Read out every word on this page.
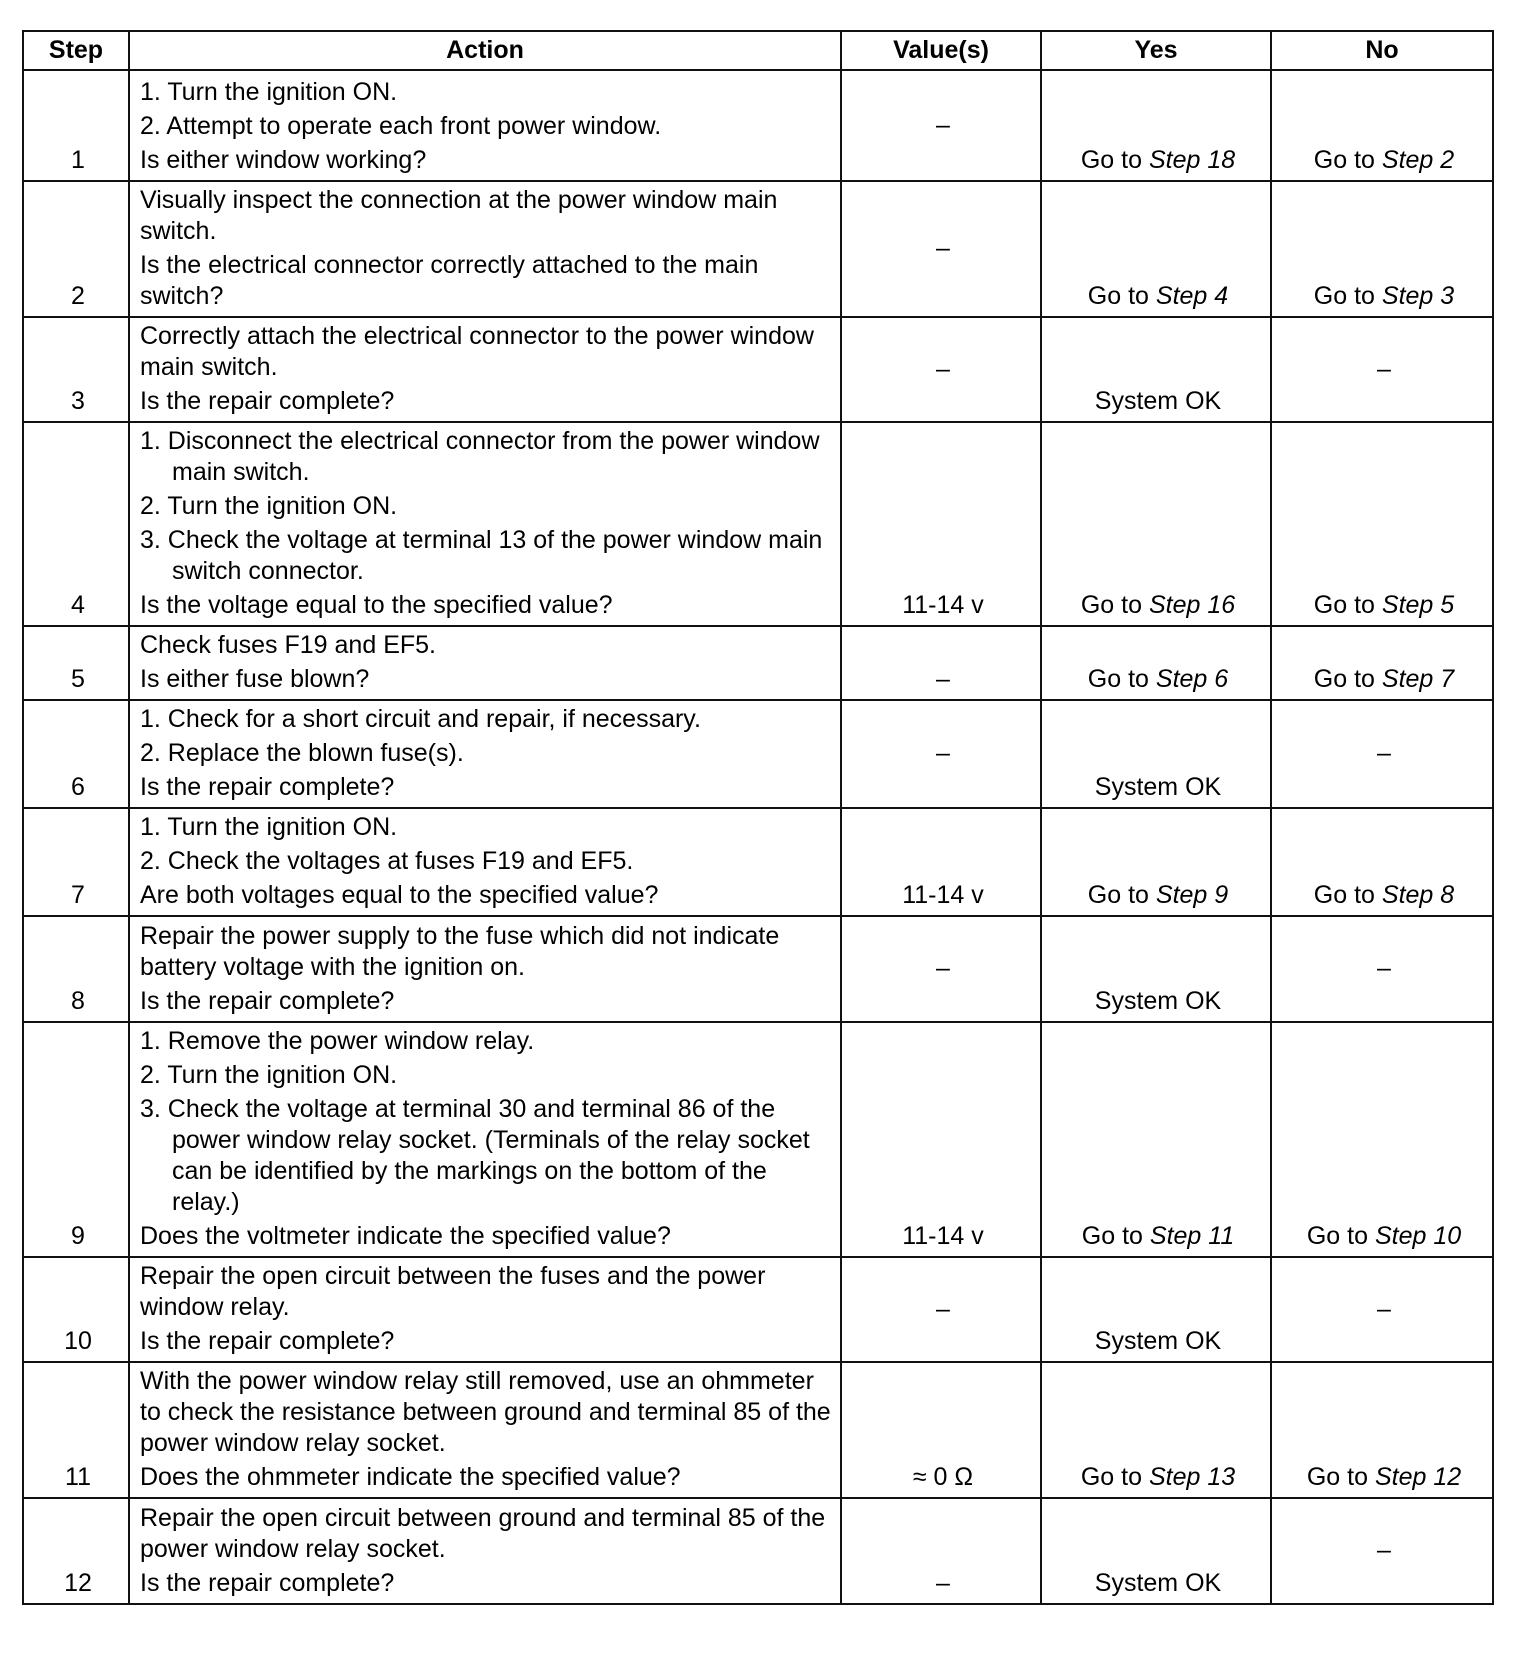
Step	Action	Value(s)	Yes	No
1	1. Turn the ignition ON.
2. Attempt to operate each front power window.
Is either window working?	–	Go to Step 18	Go to Step 2
2	Visually inspect the connection at the power window main switch.
Is the electrical connector correctly attached to the main switch?	–	Go to Step 4	Go to Step 3
3	Correctly attach the electrical connector to the power window main switch.
Is the repair complete?	–	System OK	–
4	1. Disconnect the electrical connector from the power window main switch.
2. Turn the ignition ON.
3. Check the voltage at terminal 13 of the power window main switch connector.
Is the voltage equal to the specified value?	11-14 v	Go to Step 16	Go to Step 5
5	Check fuses F19 and EF5.
Is either fuse blown?	–	Go to Step 6	Go to Step 7
6	1. Check for a short circuit and repair, if necessary.
2. Replace the blown fuse(s).
Is the repair complete?	–	System OK	–
7	1. Turn the ignition ON.
2. Check the voltages at fuses F19 and EF5.
Are both voltages equal to the specified value?	11-14 v	Go to Step 9	Go to Step 8
8	Repair the power supply to the fuse which did not indicate battery voltage with the ignition on.
Is the repair complete?	–	System OK	–
9	1. Remove the power window relay.
2. Turn the ignition ON.
3. Check the voltage at terminal 30 and terminal 86 of the power window relay socket. (Terminals of the relay socket can be identified by the markings on the bottom of the relay.)
Does the voltmeter indicate the specified value?	11-14 v	Go to Step 11	Go to Step 10
10	Repair the open circuit between the fuses and the power window relay.
Is the repair complete?	–	System OK	–
11	With the power window relay still removed, use an ohmmeter to check the resistance between ground and terminal 85 of the power window relay socket.
Does the ohmmeter indicate the specified value?	≈ 0 Ω	Go to Step 13	Go to Step 12
12	Repair the open circuit between ground and terminal 85 of the power window relay socket.
Is the repair complete?	–	System OK	–
